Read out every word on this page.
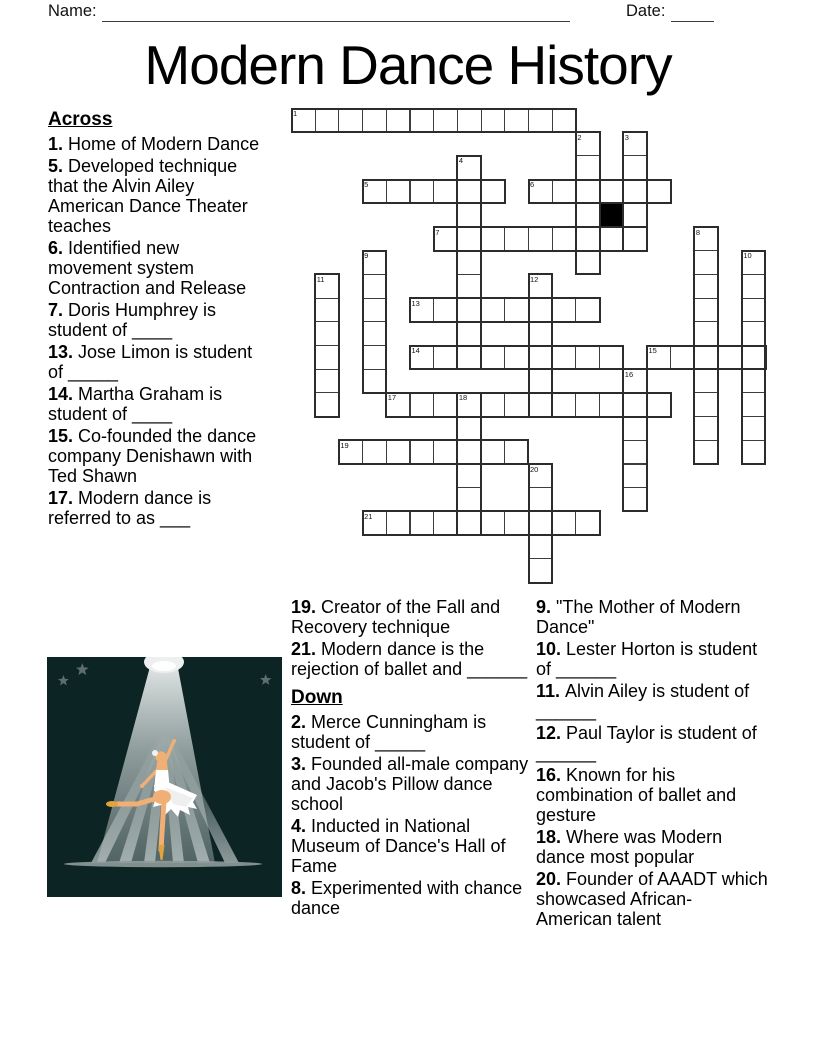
Name:	Date:
Modern Dance History
1
2	3
4
5	6
7	8
9	10
11	12
13
14	15
16
17	18
19
20
21
Across
1. Home of Modern Dance
5. Developed technique that the Alvin Ailey American Dance Theater teaches
6. Identified new movement system Contraction and Release
7. Doris Humphrey is student of ____
13. Jose Limon is student of _____
14. Martha Graham is student of ____
15. Co-founded the dance company Denishawn with Ted Shawn
17. Modern dance is referred to as ___
19. Creator of the Fall and Recovery technique
21. Modern dance is the rejection of ballet and ______
Down
2. Merce Cunningham is student of _____
3. Founded all-male company and Jacob's Pillow dance school
4. Inducted in National Museum of Dance's Hall of Fame
8. Experimented with chance dance
9. "The Mother of Modern Dance"
10. Lester Horton is student of ______
11. Alvin Ailey is student of ______
12. Paul Taylor is student of ______
16. Known for his combination of ballet and gesture
18. Where was Modern dance most popular
20. Founder of AAADT which showcased African-American talent
